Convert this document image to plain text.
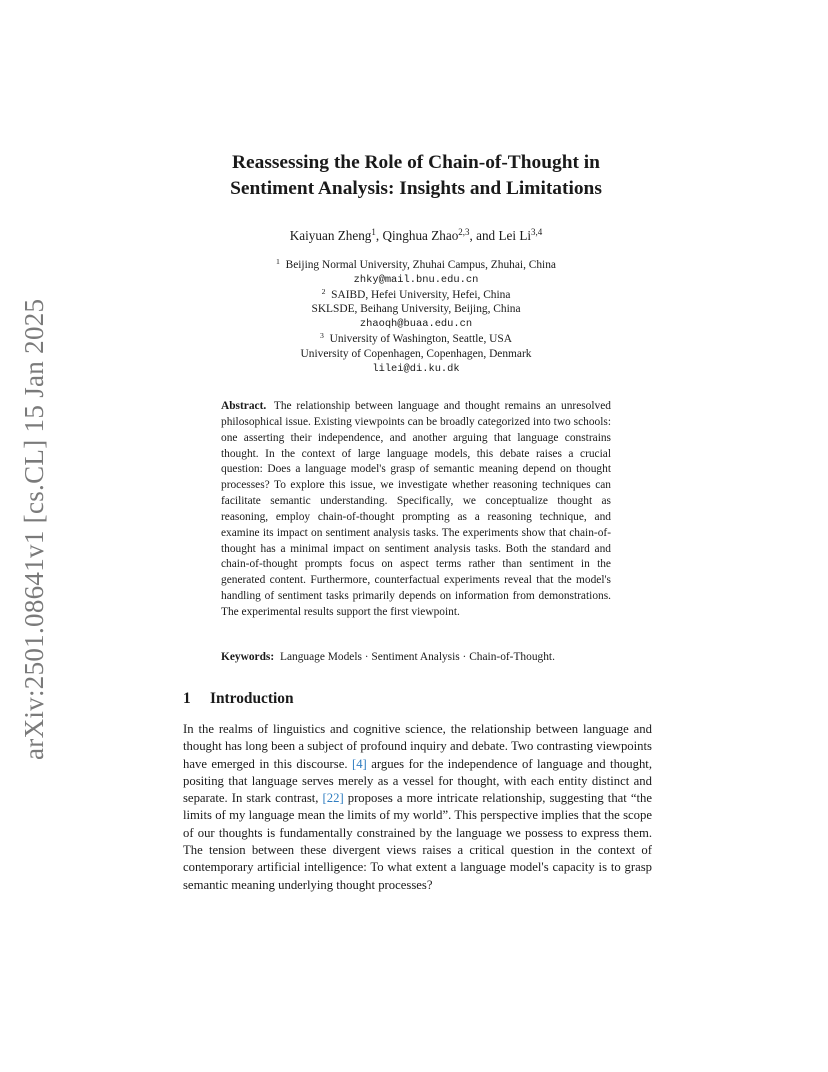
arXiv:2501.08641v1 [cs.CL] 15 Jan 2025
Reassessing the Role of Chain-of-Thought in
Sentiment Analysis: Insights and Limitations
Kaiyuan Zheng$^1$, Qinghua Zhao$^{2,3}$, and Lei Li$^{3,4}$
$^1$ Beijing Normal University, Zhuhai Campus, Zhuhai, China
zhky@mail.bnu.edu.cn
$^2$ SAIBD, Hefei University, Hefei, China
SKLSDE, Beihang University, Beijing, China
zhaoqh@buaa.edu.cn
$^3$ University of Washington, Seattle, USA
University of Copenhagen, Copenhagen, Denmark
lilei@di.ku.dk
Abstract. The relationship between language and thought remains an unresolved philosophical issue. Existing viewpoints can be broadly categorized into two schools: one asserting their independence, and another arguing that language constrains thought. In the context of large language models, this debate raises a crucial question: Does a language model's grasp of semantic meaning depend on thought processes? To explore this issue, we investigate whether reasoning techniques can facilitate semantic understanding. Specifically, we conceptualize thought as reasoning, employ chain-of-thought prompting as a reasoning technique, and examine its impact on sentiment analysis tasks. The experiments show that chain-of-thought has a minimal impact on sentiment analysis tasks. Both the standard and chain-of-thought prompts focus on aspect terms rather than sentiment in the generated content. Furthermore, counterfactual experiments reveal that the model's handling of sentiment tasks primarily depends on information from demonstrations. The experimental results support the first viewpoint.
Keywords: Language Models · Sentiment Analysis · Chain-of-Thought.
1 Introduction
In the realms of linguistics and cognitive science, the relationship between language and thought has long been a subject of profound inquiry and debate. Two contrasting viewpoints have emerged in this discourse. [4] argues for the independence of language and thought, positing that language serves merely as a vessel for thought, with each entity distinct and separate. In stark contrast, [22] proposes a more intricate relationship, suggesting that “the limits of my language mean the limits of my world”. This perspective implies that the scope of our thoughts is fundamentally constrained by the language we possess to express them. The tension between these divergent views raises a critical question in the context of contemporary artificial intelligence: To what extent a language model's capacity is to grasp semantic meaning underlying thought processes?
